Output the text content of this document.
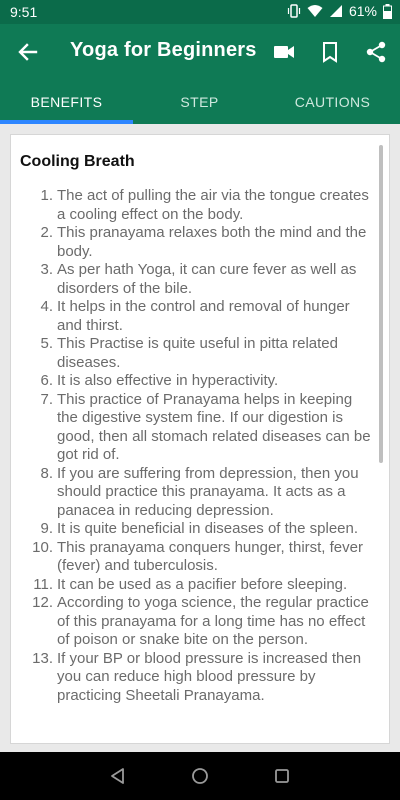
9:51	61%
Yoga for Beginners
BENEFITS	STEP	CAUTIONS
Cooling Breath
1. The act of pulling the air via the tongue creates a cooling effect on the body.
2. This pranayama relaxes both the mind and the body.
3. As per hath Yoga, it can cure fever as well as disorders of the bile.
4. It helps in the control and removal of hunger and thirst.
5. This Practise is quite useful in pitta related diseases.
6. It is also effective in hyperactivity.
7. This practice of Pranayama helps in keeping the digestive system fine. If our digestion is good, then all stomach related diseases can be got rid of.
8. If you are suffering from depression, then you should practice this pranayama. It acts as a panacea in reducing depression.
9. It is quite beneficial in diseases of the spleen.
10. This pranayama conquers hunger, thirst, fever (fever) and tuberculosis.
11. It can be used as a pacifier before sleeping.
12. According to yoga science, the regular practice of this pranayama for a long time has no effect of poison or snake bite on the person.
13. If your BP or blood pressure is increased then you can reduce high blood pressure by practicing Sheetali Pranayama.
